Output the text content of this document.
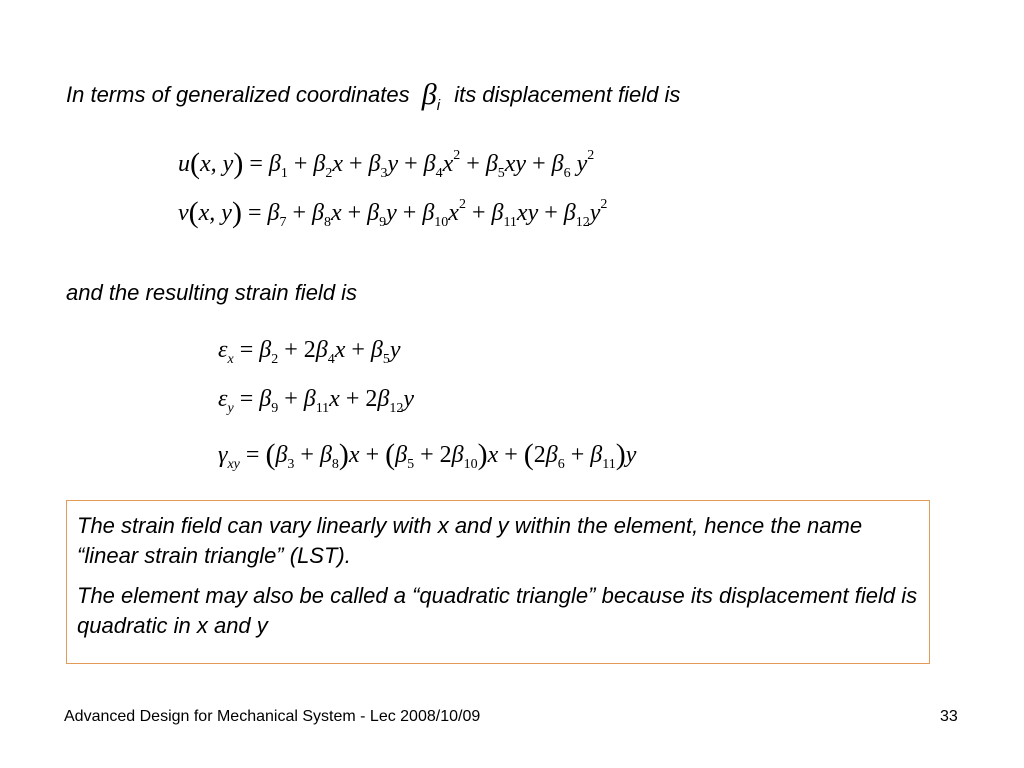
In terms of generalized coordinates $\beta_i$ its displacement field is
u(x, $y) = \beta_1 + \beta_2x + \beta_3y + \beta_4x^2 + \beta_5xy + \beta_6$ $y^2$
v(x, $y) = \beta_7 + \beta_8x + \beta_9y + \beta_{10}x^2 + \beta_{11}xy + \beta_{12}y^2$
and the resulting strain field is
$\varepsilon_x = \beta_2 + 2\beta_4x + \beta_5y$
$\varepsilon_y = \beta_9 + \beta_{11}x + 2\beta_{12}y$
$\gamma_{xy} = (\beta_3 + \beta_8)x + (\beta_5 + 2\beta_{10})x + (2\beta_6 + \beta_{11})y$

The strain field can vary linearly with x and y within the element, hence the name “linear strain triangle” (LST).

The element may also be called a “quadratic triangle” because its displacement field is quadratic in x and y

Advanced Design for Mechanical System - Lec 2008/10/09	33
